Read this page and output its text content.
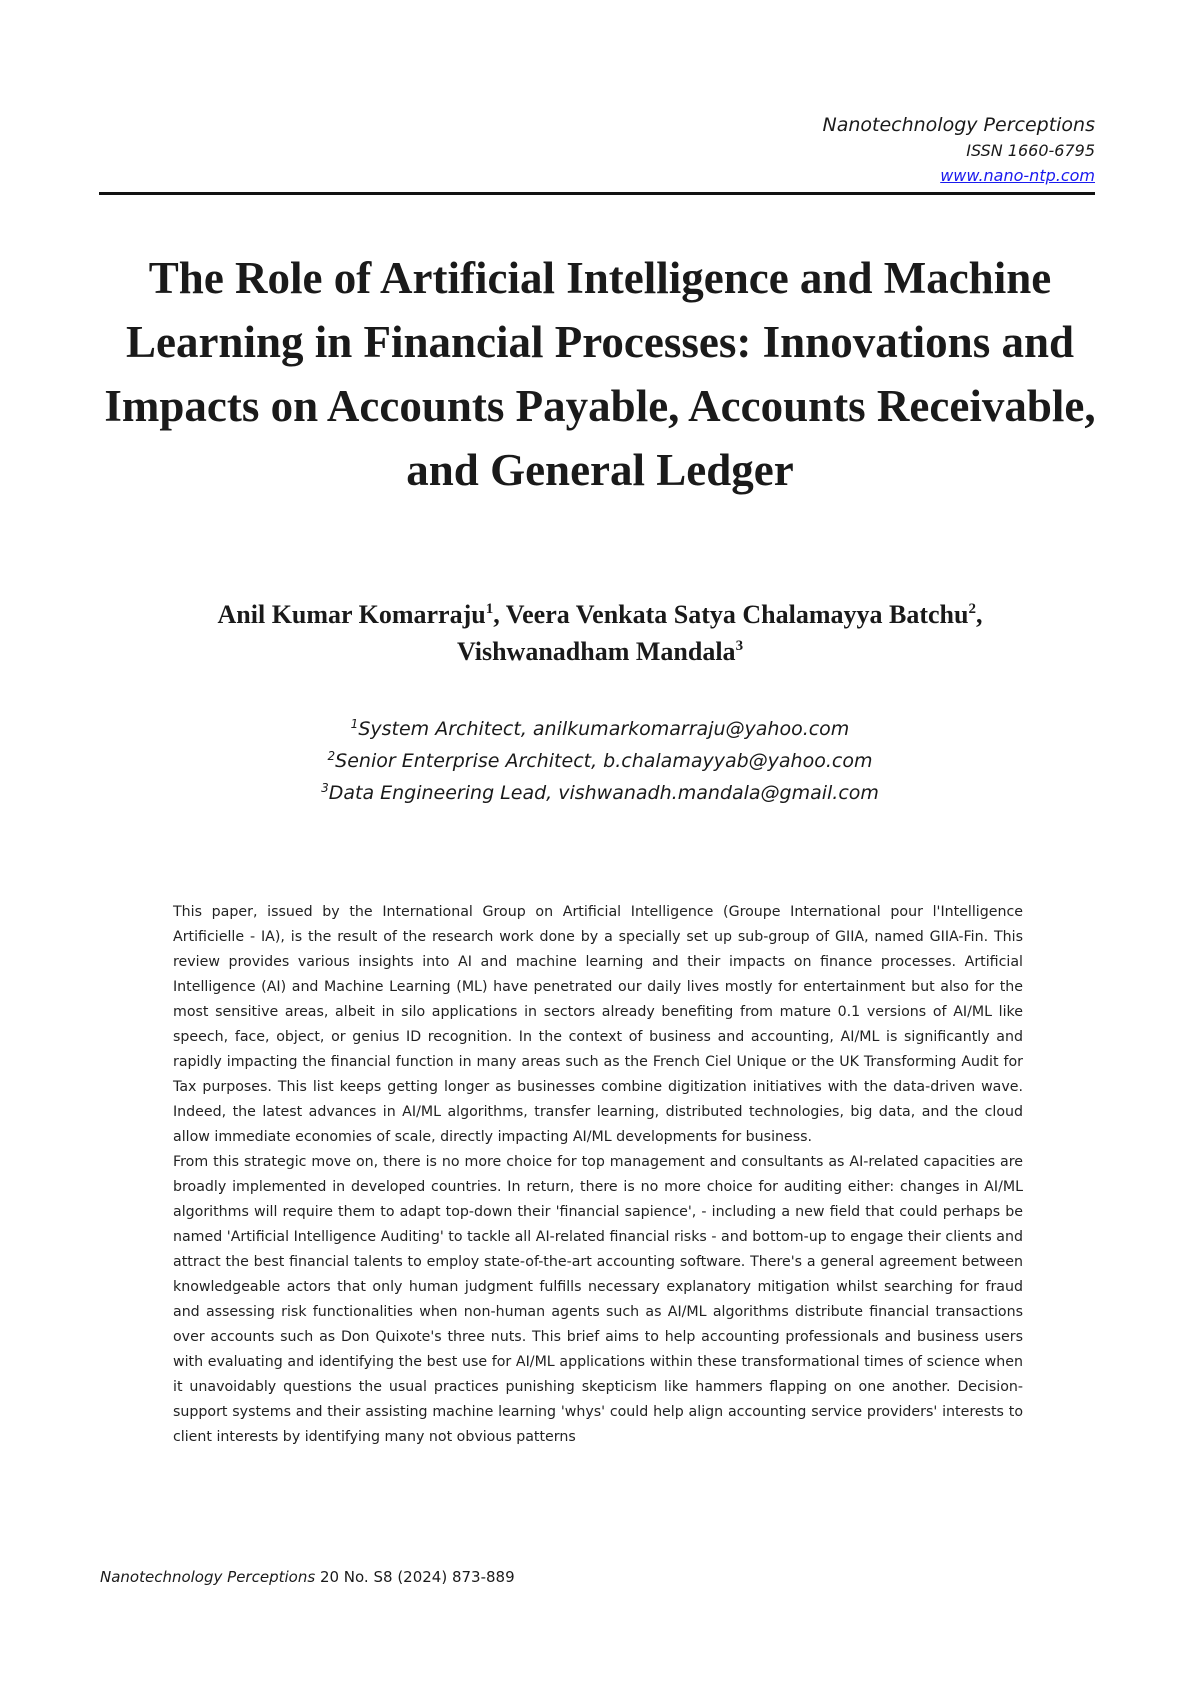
Nanotechnology Perceptions
ISSN 1660-6795
www.nano-ntp.com
The Role of Artificial Intelligence and Machine Learning in Financial Processes: Innovations and Impacts on Accounts Payable, Accounts Receivable, and General Ledger
Anil Kumar Komarraju$^1$, Veera Venkata Satya Chalamayya Batchu$^2$,
Vishwanadham Mandala$^3$
$^1$System Architect, anilkumarkomarraju@yahoo.com
$^2$Senior Enterprise Architect, b.chalamayyab@yahoo.com
$^3$Data Engineering Lead, vishwanadh.mandala@gmail.com

This paper, issued by the International Group on Artificial Intelligence (Groupe International pour l'Intelligence Artificielle - IA), is the result of the research work done by a specially set up sub-group of GIIA, named GIIA-Fin. This review provides various insights into AI and machine learning and their impacts on finance processes. Artificial Intelligence (AI) and Machine Learning (ML) have penetrated our daily lives mostly for entertainment but also for the most sensitive areas, albeit in silo applications in sectors already benefiting from mature 0.1 versions of AI/ML like speech, face, object, or genius ID recognition. In the context of business and accounting, AI/ML is significantly and rapidly impacting the financial function in many areas such as the French Ciel Unique or the UK Transforming Audit for Tax purposes. This list keeps getting longer as businesses combine digitization initiatives with the data-driven wave. Indeed, the latest advances in AI/ML algorithms, transfer learning, distributed technologies, big data, and the cloud allow immediate economies of scale, directly impacting AI/ML developments for business.

From this strategic move on, there is no more choice for top management and consultants as AI-related capacities are broadly implemented in developed countries. In return, there is no more choice for auditing either: changes in AI/ML algorithms will require them to adapt top-down their 'financial sapience', - including a new field that could perhaps be named 'Artificial Intelligence Auditing' to tackle all AI-related financial risks - and bottom-up to engage their clients and attract the best financial talents to employ state-of-the-art accounting software. There's a general agreement between knowledgeable actors that only human judgment fulfills necessary explanatory mitigation whilst searching for fraud and assessing risk functionalities when non-human agents such as AI/ML algorithms distribute financial transactions over accounts such as Don Quixote's three nuts. This brief aims to help accounting professionals and business users with evaluating and identifying the best use for AI/ML applications within these transformational times of science when it unavoidably questions the usual practices punishing skepticism like hammers flapping on one another. Decision-support systems and their assisting machine learning 'whys' could help align accounting service providers' interests to client interests by identifying many not obvious patterns

Nanotechnology Perceptions 20 No. S8 (2024) 873-889
